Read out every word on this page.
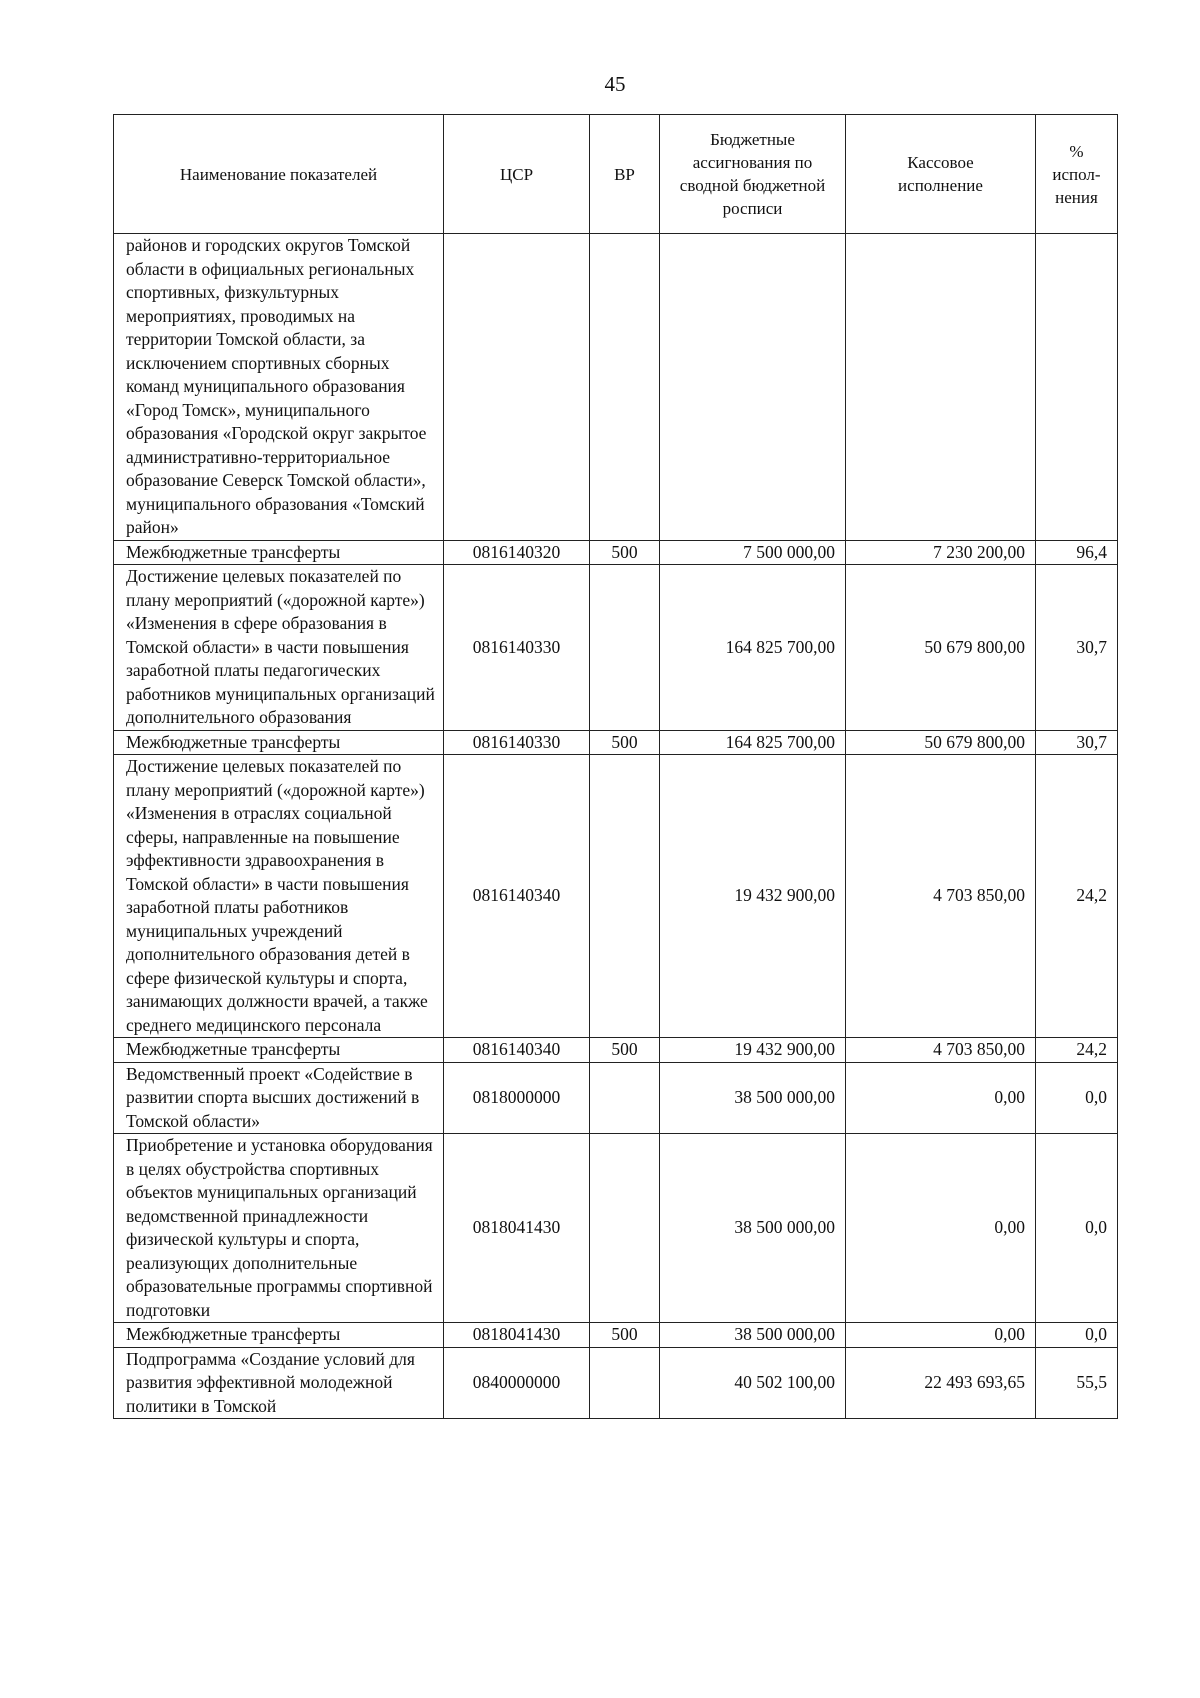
45
Наименование показателей	ЦСР	ВР	Бюджетные ассигнования по сводной бюджетной росписи	Кассовое исполнение	% испол-нения
районов и городских округов Томской области в официальных региональных спортивных, физкультурных мероприятиях, проводимых на территории Томской области, за исключением спортивных сборных команд муниципального образования «Город Томск», муниципального образования «Городской округ закрытое административно-территориальное образование Северск Томской области», муниципального образования «Томский район»					
Межбюджетные трансферты	0816140320	500	7 500 000,00	7 230 200,00	96,4
Достижение целевых показателей по плану мероприятий («дорожной карте») «Изменения в сфере образования в Томской области» в части повышения заработной платы педагогических работников муниципальных организаций дополнительного образования	0816140330		164 825 700,00	50 679 800,00	30,7
Межбюджетные трансферты	0816140330	500	164 825 700,00	50 679 800,00	30,7
Достижение целевых показателей по плану мероприятий («дорожной карте») «Изменения в отраслях социальной сферы, направленные на повышение эффективности здравоохранения в Томской области» в части повышения заработной платы работников муниципальных учреждений дополнительного образования детей в сфере физической культуры и спорта, занимающих должности врачей, а также среднего медицинского персонала	0816140340		19 432 900,00	4 703 850,00	24,2
Межбюджетные трансферты	0816140340	500	19 432 900,00	4 703 850,00	24,2
Ведомственный проект «Содействие в развитии спорта высших достижений в Томской области»	0818000000		38 500 000,00	0,00	0,0
Приобретение и установка оборудования в целях обустройства спортивных объектов муниципальных организаций ведомственной принадлежности физической культуры и спорта, реализующих дополнительные образовательные программы спортивной подготовки	0818041430		38 500 000,00	0,00	0,0
Межбюджетные трансферты	0818041430	500	38 500 000,00	0,00	0,0
Подпрограмма «Создание условий для развития эффективной молодежной политики в Томской	0840000000		40 502 100,00	22 493 693,65	55,5
